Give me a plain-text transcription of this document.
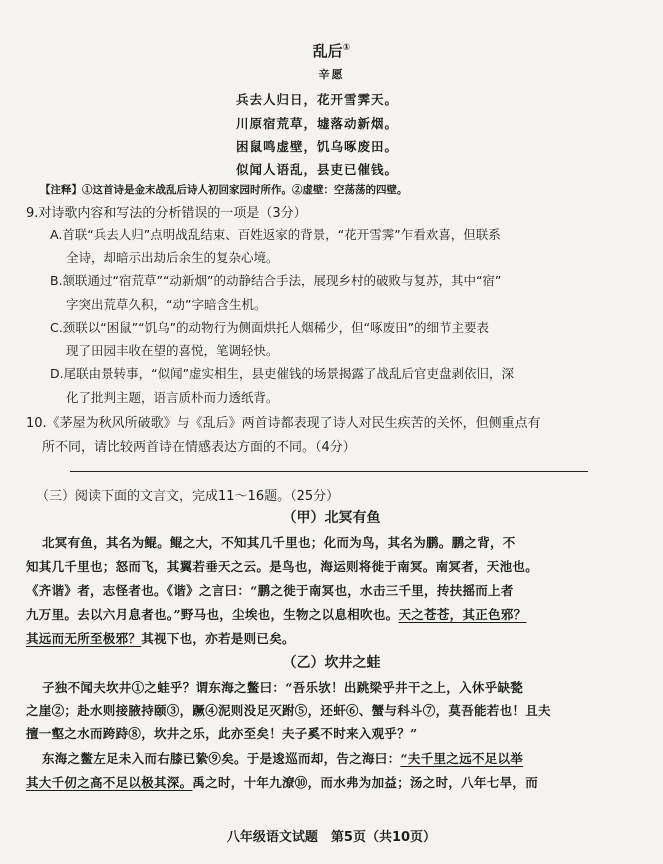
乱后①
辛愿
兵去人归日，花开雪霁天。
川原宿荒草，墟落动新烟。
困鼠鸣虚壁，饥乌啄废田。
似闻人语乱，县吏已催钱。
【注释】①这首诗是金末战乱后诗人初回家园时所作。②虚壁：空荡荡的四壁。
9.对诗歌内容和写法的分析错误的一项是（3分）
A.首联“兵去人归”点明战乱结束、百姓返家的背景，“花开雪霁”乍看欢喜，但联系
全诗，却暗示出劫后余生的复杂心境。
B.颔联通过“宿荒草”“动新烟”的动静结合手法，展现乡村的破败与复苏，其中“宿”
字突出荒草久积，“动”字暗含生机。
C.颈联以“困鼠”“饥乌”的动物行为侧面烘托人烟稀少，但“啄废田”的细节主要表
现了田园丰收在望的喜悦，笔调轻快。
D.尾联由景转事，“似闻”虚实相生，县吏催钱的场景揭露了战乱后官吏盘剥依旧，深
化了批判主题，语言质朴而力透纸背。
10.《茅屋为秋风所破歌》与《乱后》两首诗都表现了诗人对民生疾苦的关怀，但侧重点有
所不同，请比较两首诗在情感表达方面的不同。（4分）
（三）阅读下面的文言文，完成11～16题。（25分）
（甲）北冥有鱼
北冥有鱼，其名为鲲。鲲之大，不知其几千里也；化而为鸟，其名为鹏。鹏之背，不
知其几千里也；怒而飞，其翼若垂天之云。是鸟也，海运则将徙于南冥。南冥者，天池也。
《齐谐》者，志怪者也。《谐》之言曰：“鹏之徙于南冥也，水击三千里，抟扶摇而上者
九万里。去以六月息者也。”野马也，尘埃也，生物之以息相吹也。天之苍苍，其正色邪？
其远而无所至极邪？其视下也，亦若是则已矣。
（乙）坎井之蛙
子独不闻夫坎井①之蛙乎？谓东海之鳖曰：“吾乐欤！出跳梁乎井干之上，入休乎缺甃
之崖②；赴水则接腋持颐③，蹶④泥则没足灭跗⑤，还虷⑥、蟹与科斗⑦，莫吾能若也！且夫
擅一壑之水而跨跱⑧，坎井之乐，此亦至矣！夫子奚不时来入观乎？”
东海之鳖左足未入而右膝已絷⑨矣。于是逡巡而却，告之海曰：“夫千里之远不足以举
其大千仞之高不足以极其深。禹之时，十年九潦⑩，而水弗为加益；汤之时，八年七旱，而
八年级语文试题　第5页（共10页）
